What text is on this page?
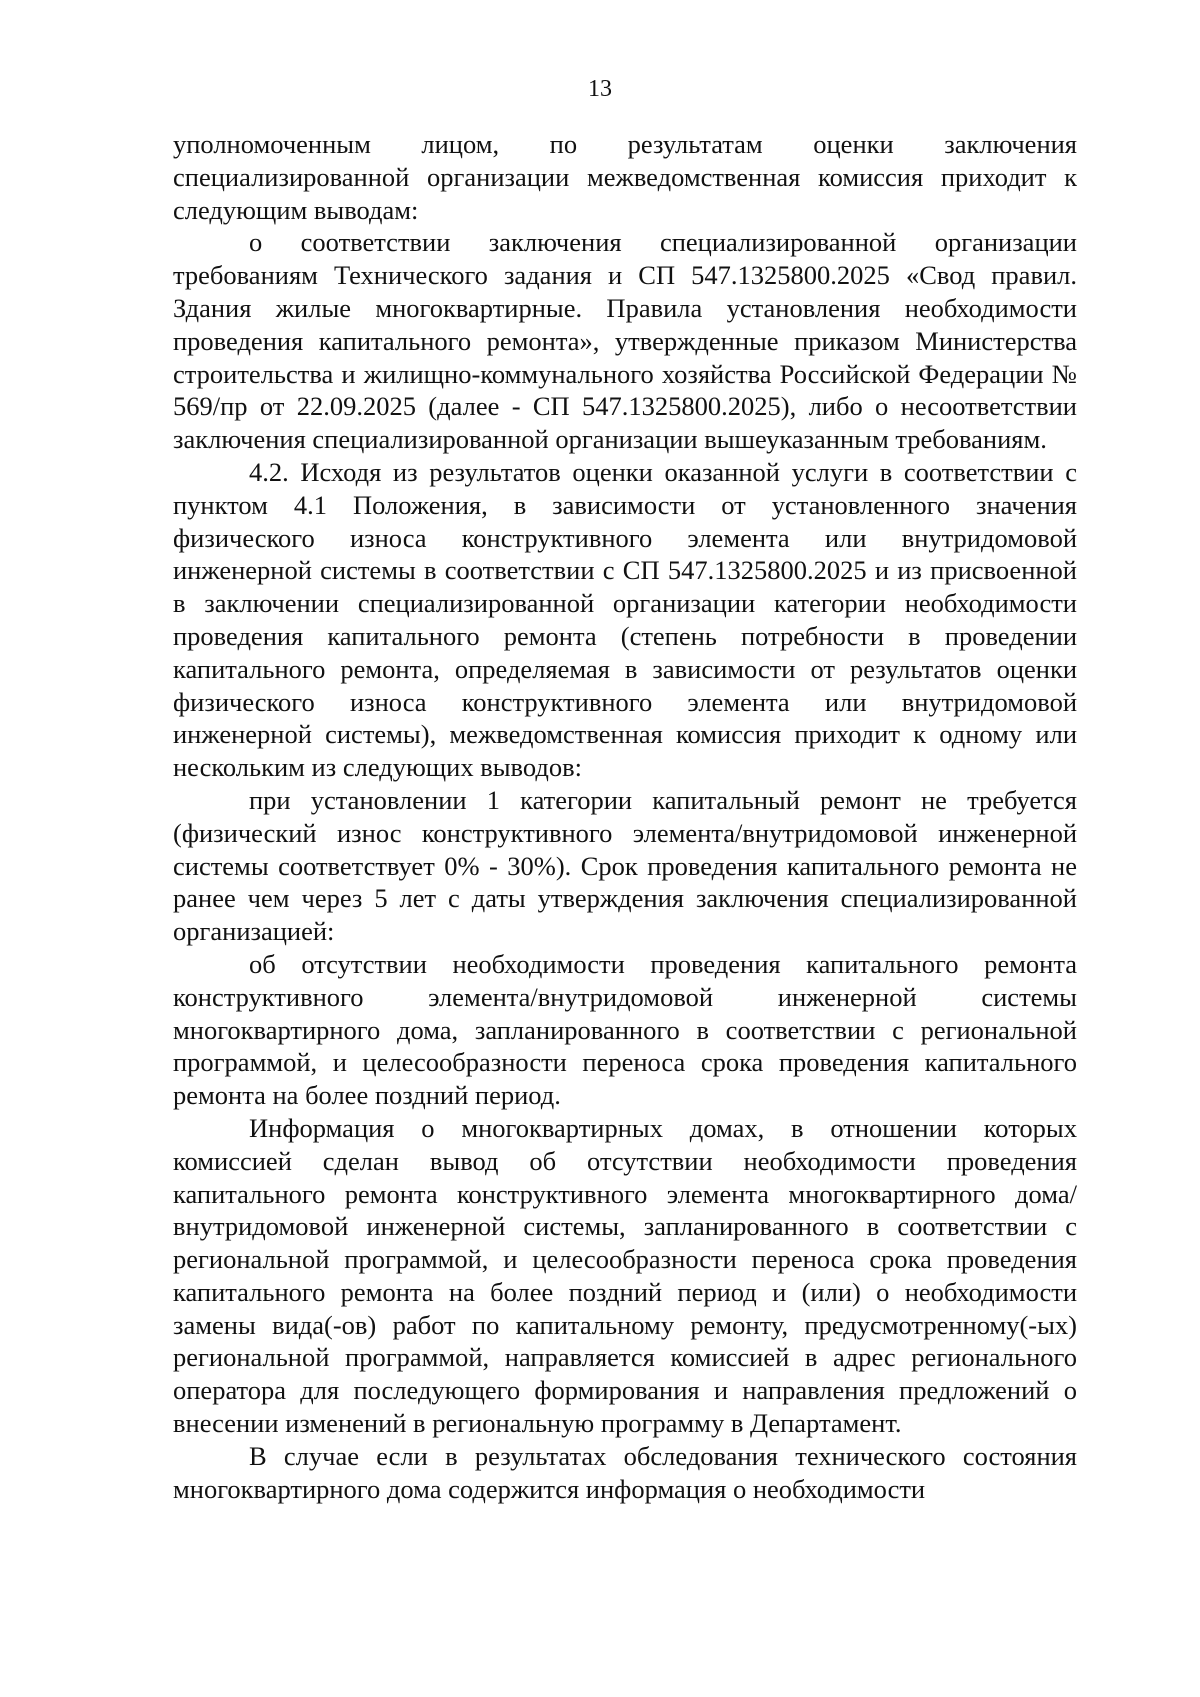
13

уполномоченным лицом, по результатам оценки заключения специализированной организации межведомственная комиссия приходит к следующим выводам:

о соответствии заключения специализированной организации требованиям Технического задания и СП 547.1325800.2025 «Свод правил. Здания жилые многоквартирные. Правила установления необходимости проведения капитального ремонта», утвержденные приказом Министерства строительства и жилищно-коммунального хозяйства Российской Федерации № 569/пр от 22.09.2025 (далее - СП 547.1325800.2025), либо о несоответствии заключения специализированной организации вышеуказанным требованиям.

4.2. Исходя из результатов оценки оказанной услуги в соответствии с пунктом 4.1 Положения, в зависимости от установленного значения физического износа конструктивного элемента или внутридомовой инженерной системы в соответствии с СП 547.1325800.2025 и из присвоенной в заключении специализированной организации категории необходимости проведения капитального ремонта (степень потребности в проведении капитального ремонта, определяемая в зависимости от результатов оценки физического износа конструктивного элемента или внутридомовой инженерной системы), межведомственная комиссия приходит к одному или нескольким из следующих выводов:

при установлении 1 категории капитальный ремонт не требуется (физический износ конструктивного элемента/внутридомовой инженерной системы соответствует 0% - 30%). Срок проведения капитального ремонта не ранее чем через 5 лет с даты утверждения заключения специализированной организацией:

об отсутствии необходимости проведения капитального ремонта конструктивного элемента/внутридомовой инженерной системы многоквартирного дома, запланированного в соответствии с региональной программой, и целесообразности переноса срока проведения капитального ремонта на более поздний период.

Информация о многоквартирных домах, в отношении которых комиссией сделан вывод об отсутствии необходимости проведения капитального ремонта конструктивного элемента многоквартирного дома/внутридомовой инженерной системы, запланированного в соответствии с региональной программой, и целесообразности переноса срока проведения капитального ремонта на более поздний период и (или) о необходимости замены вида(-ов) работ по капитальному ремонту, предусмотренному(-ых) региональной программой, направляется комиссией в адрес регионального оператора для последующего формирования и направления предложений о внесении изменений в региональную программу в Департамент.

В случае если в результатах обследования технического состояния многоквартирного дома содержится информация о необходимости
